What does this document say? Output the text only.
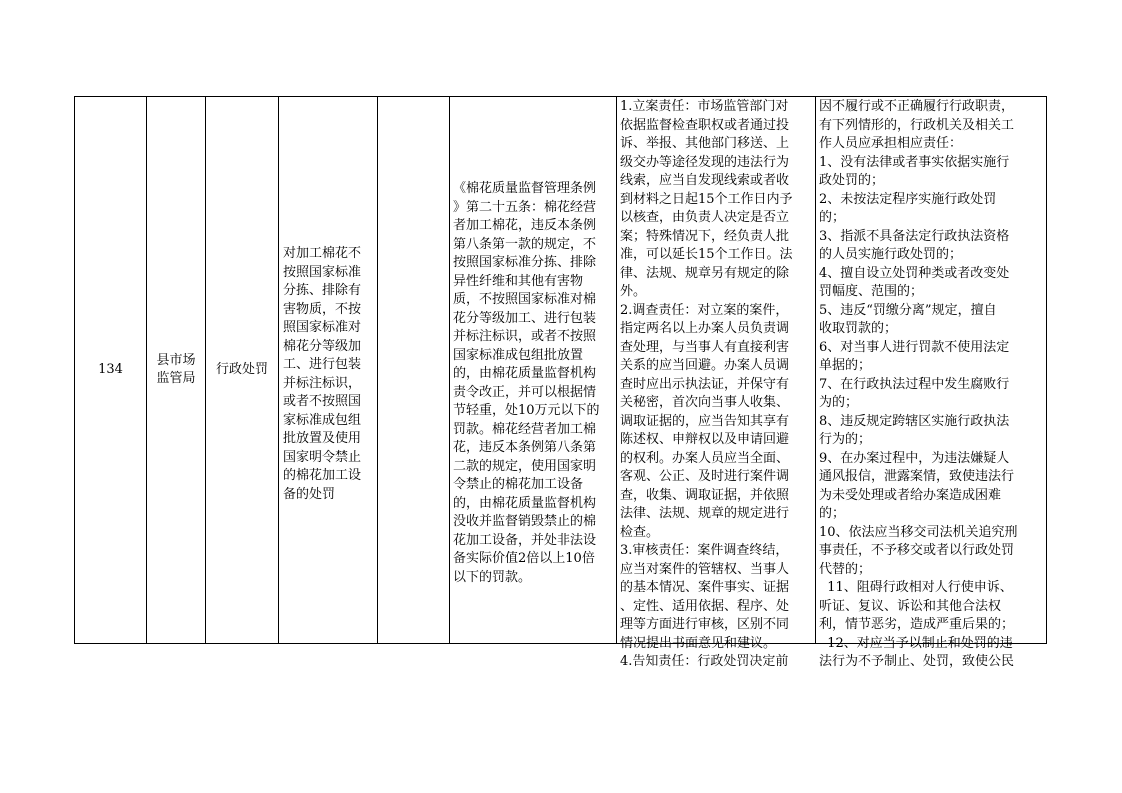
134
县市场
监管局
行政处罚
对加工棉花不
按照国家标准
分拣、排除有
害物质，不按
照国家标准对
棉花分等级加
工、进行包装
并标注标识，
或者不按照国
家标准成包组
批放置及使用
国家明令禁止
的棉花加工设
备的处罚
《棉花质量监督管理条例
》第二十五条：棉花经营
者加工棉花，违反本条例
第八条第一款的规定，不
按照国家标准分拣、排除
异性纤维和其他有害物
质，不按照国家标准对棉
花分等级加工、进行包装
并标注标识，或者不按照
国家标准成包组批放置
的，由棉花质量监督机构
责令改正，并可以根据情
节轻重，处10万元以下的
罚款。棉花经营者加工棉
花，违反本条例第八条第
二款的规定，使用国家明
令禁止的棉花加工设备
的，由棉花质量监督机构
没收并监督销毁禁止的棉
花加工设备，并处非法设
备实际价值2倍以上10倍
以下的罚款。
1.立案责任：市场监管部门对
依据监督检查职权或者通过投
诉、举报、其他部门移送、上
级交办等途径发现的违法行为
线索，应当自发现线索或者收
到材料之日起15个工作日内予
以核查，由负责人决定是否立
案；特殊情况下，经负责人批
准，可以延长15个工作日。法
律、法规、规章另有规定的除
外。
2.调查责任：对立案的案件，
指定两名以上办案人员负责调
查处理，与当事人有直接利害
关系的应当回避。办案人员调
查时应出示执法证，并保守有
关秘密，首次向当事人收集、
调取证据的，应当告知其享有
陈述权、申辩权以及申请回避
的权利。办案人员应当全面、
客观、公正、及时进行案件调
查，收集、调取证据，并依照
法律、法规、规章的规定进行
检查。
3.审核责任：案件调查终结，
应当对案件的管辖权、当事人
的基本情况、案件事实、证据
、定性、适用依据、程序、处
理等方面进行审核，区别不同
情况提出书面意见和建议。
4.告知责任：行政处罚决定前
因不履行或不正确履行行政职责，
有下列情形的，行政机关及相关工
作人员应承担相应责任：
1、没有法律或者事实依据实施行
政处罚的；
2、未按法定程序实施行政处罚
的；
3、指派不具备法定行政执法资格
的人员实施行政处罚的；
4、擅自设立处罚种类或者改变处
罚幅度、范围的；
5、违反“罚缴分离”规定，擅自
收取罚款的；
6、对当事人进行罚款不使用法定
单据的；
7、在行政执法过程中发生腐败行
为的；
8、违反规定跨辖区实施行政执法
行为的；
9、在办案过程中，为违法嫌疑人
通风报信，泄露案情，致使违法行
为未受处理或者给办案造成困难
的；
10、依法应当移交司法机关追究刑
事责任，不予移交或者以行政处罚
代替的；
11、阻碍行政相对人行使申诉、
听证、复议、诉讼和其他合法权
利，情节恶劣，造成严重后果的；
12、对应当予以制止和处罚的违
法行为不予制止、处罚，致使公民
